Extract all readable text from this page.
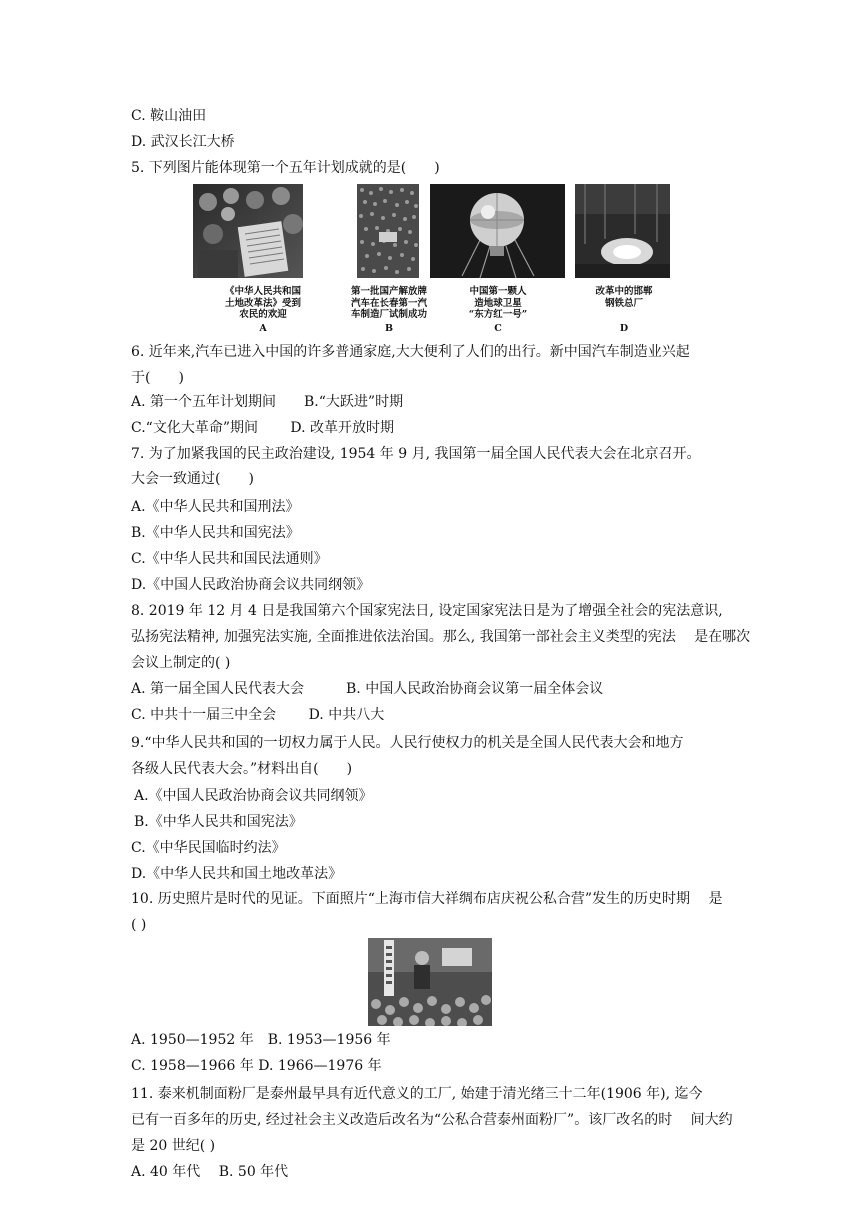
C. 鞍山油田
D. 武汉长江大桥
5. 下列图片能体现第一个五年计划成就的是(　　)
6. 近年来,汽车已进入中国的许多普通家庭,大大便利了人们的出行。新中国汽车制造业兴起
于(　　)
A. 第一个五年计划期间　　B.“大跃进”时期
C.“文化大革命”期间　　 D. 改革开放时期
7. 为了加紧我国的民主政治建设, 1954 年 9 月, 我国第一届全国人民代表大会在北京召开。
大会一致通过(　　)
A.《中华人民共和国刑法》
B.《中华人民共和国宪法》
C.《中华人民共和国民法通则》
D.《中国人民政治协商会议共同纲领》
8. 2019 年 12 月 4 日是我国第六个国家宪法日, 设定国家宪法日是为了增强全社会的宪法意识,
弘扬宪法精神, 加强宪法实施, 全面推进依法治国。那么, 我国第一部社会主义类型的宪法　 是在哪次
会议上制定的( )
A. 第一届全国人民代表大会　　　B. 中国人民政治协商会议第一届全体会议
C. 中共十一届三中全会　　 D. 中共八大
9.“中华人民共和国的一切权力属于人民。人民行使权力的机关是全国人民代表大会和地方
各级人民代表大会。”材料出自(　　)
A.《中国人民政治协商会议共同纲领》
B.《中华人民共和国宪法》
C.《中华民国临时约法》
D.《中华人民共和国土地改革法》
10. 历史照片是时代的见证。下面照片“上海市信大祥绸布店庆祝公私合营”发生的历史时期　 是
( )
A. 1950—1952 年　B. 1953—1956 年
C. 1958—1966 年 D. 1966—1976 年
11. 泰来机制面粉厂是泰州最早具有近代意义的工厂, 始建于清光绪三十二年(1906 年), 迄今
已有一百多年的历史, 经过社会主义改造后改名为“公私合营泰州面粉厂”。该厂改名的时　 间大约
是 20 世纪( )
A. 40 年代　 B. 50 年代
《中华人民共和国
土地改革法》受到
农民的欢迎
A
第一批国产解放牌
汽车在长春第一汽
车制造厂试制成功
B
中国第一颗人
造地球卫星
“东方红一号”
C
改革中的邯郸
钢铁总厂
D
